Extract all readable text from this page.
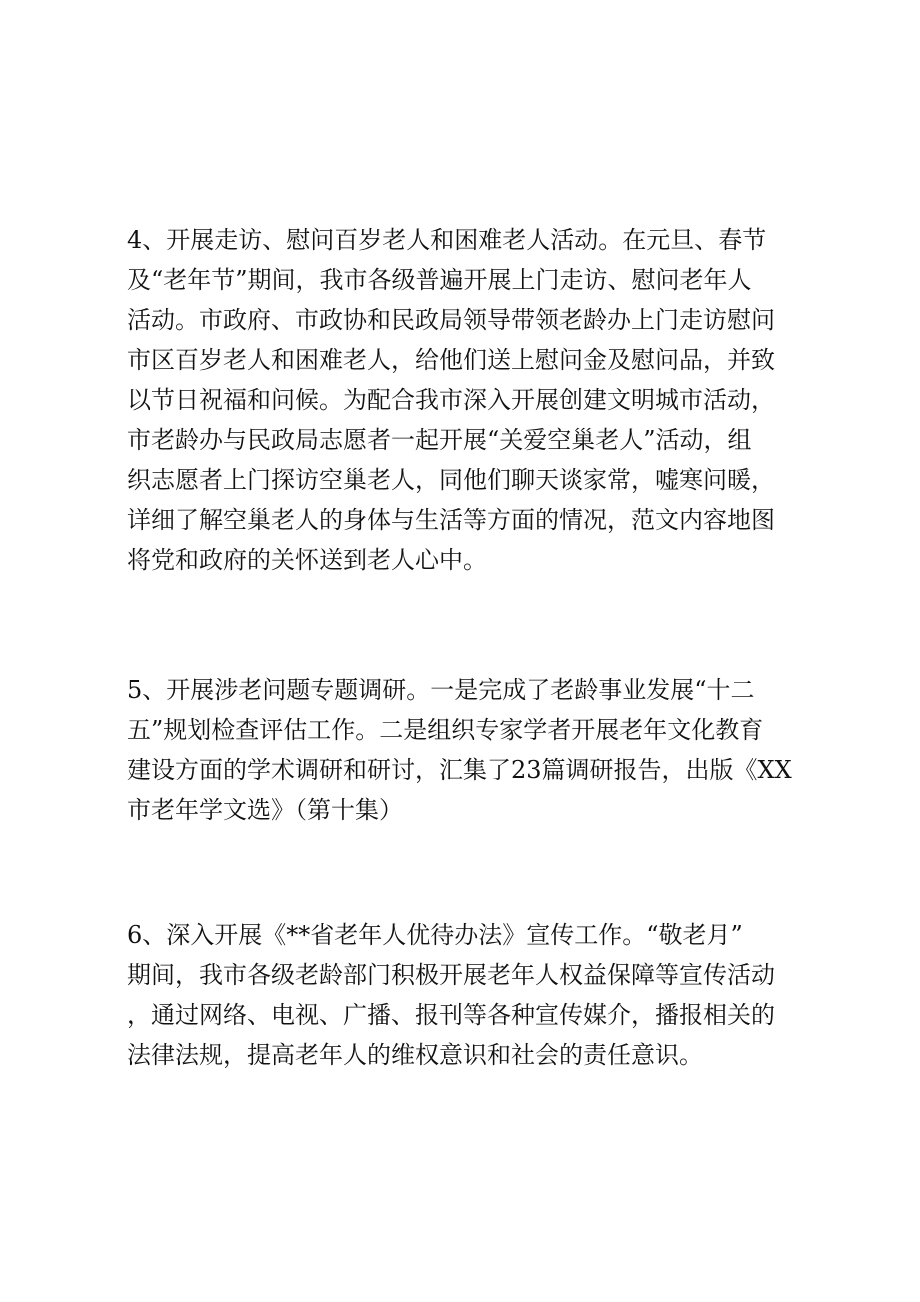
4、开展走访、慰问百岁老人和困难老人活动。在元旦、春节
及“老年节”期间，我市各级普遍开展上门走访、慰问老年人
活动。市政府、市政协和民政局领导带领老龄办上门走访慰问
市区百岁老人和困难老人，给他们送上慰问金及慰问品，并致
以节日祝福和问候。为配合我市深入开展创建文明城市活动，
市老龄办与民政局志愿者一起开展“关爱空巢老人”活动，组
织志愿者上门探访空巢老人，同他们聊天谈家常，嘘寒问暖，
详细了解空巢老人的身体与生活等方面的情况，范文内容地图
将党和政府的关怀送到老人心中。

5、开展涉老问题专题调研。一是完成了老龄事业发展“十二
五”规划检查评估工作。二是组织专家学者开展老年文化教育
建设方面的学术调研和研讨，汇集了23篇调研报告，出版《XX
市老年学文选》（第十集）

6、深入开展《**省老年人优待办法》宣传工作。“敬老月”
期间，我市各级老龄部门积极开展老年人权益保障等宣传活动
，通过网络、电视、广播、报刊等各种宣传媒介，播报相关的
法律法规，提高老年人的维权意识和社会的责任意识。
